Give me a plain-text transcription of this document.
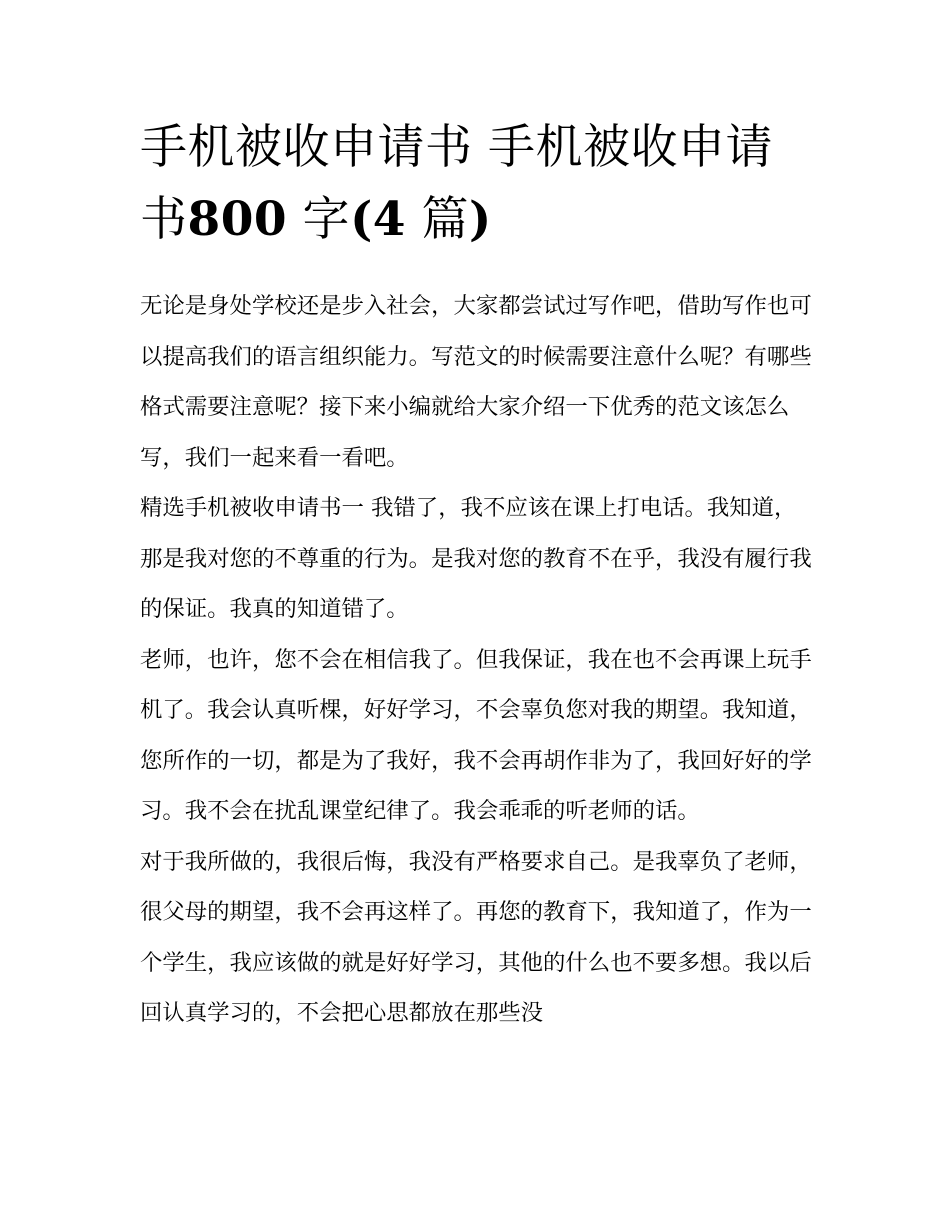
手机被收申请书 手机被收申请书800 字(4 篇)

无论是身处学校还是步入社会，大家都尝试过写作吧，借助写作也可以提高我们的语言组织能力。写范文的时候需要注意什么呢？有哪些格式需要注意呢？接下来小编就给大家介绍一下优秀的范文该怎么写，我们一起来看一看吧。

精选手机被收申请书一 我错了，我不应该在课上打电话。我知道，那是我对您的不尊重的行为。是我对您的教育不在乎，我没有履行我的保证。我真的知道错了。

老师，也许，您不会在相信我了。但我保证，我在也不会再课上玩手机了。我会认真听棵，好好学习，不会辜负您对我的期望。我知道，您所作的一切，都是为了我好，我不会再胡作非为了，我回好好的学习。我不会在扰乱课堂纪律了。我会乖乖的听老师的话。

对于我所做的，我很后悔，我没有严格要求自己。是我辜负了老师，很父母的期望，我不会再这样了。再您的教育下，我知道了，作为一个学生，我应该做的就是好好学习，其他的什么也不要多想。我以后回认真学习的，不会把心思都放在那些没
